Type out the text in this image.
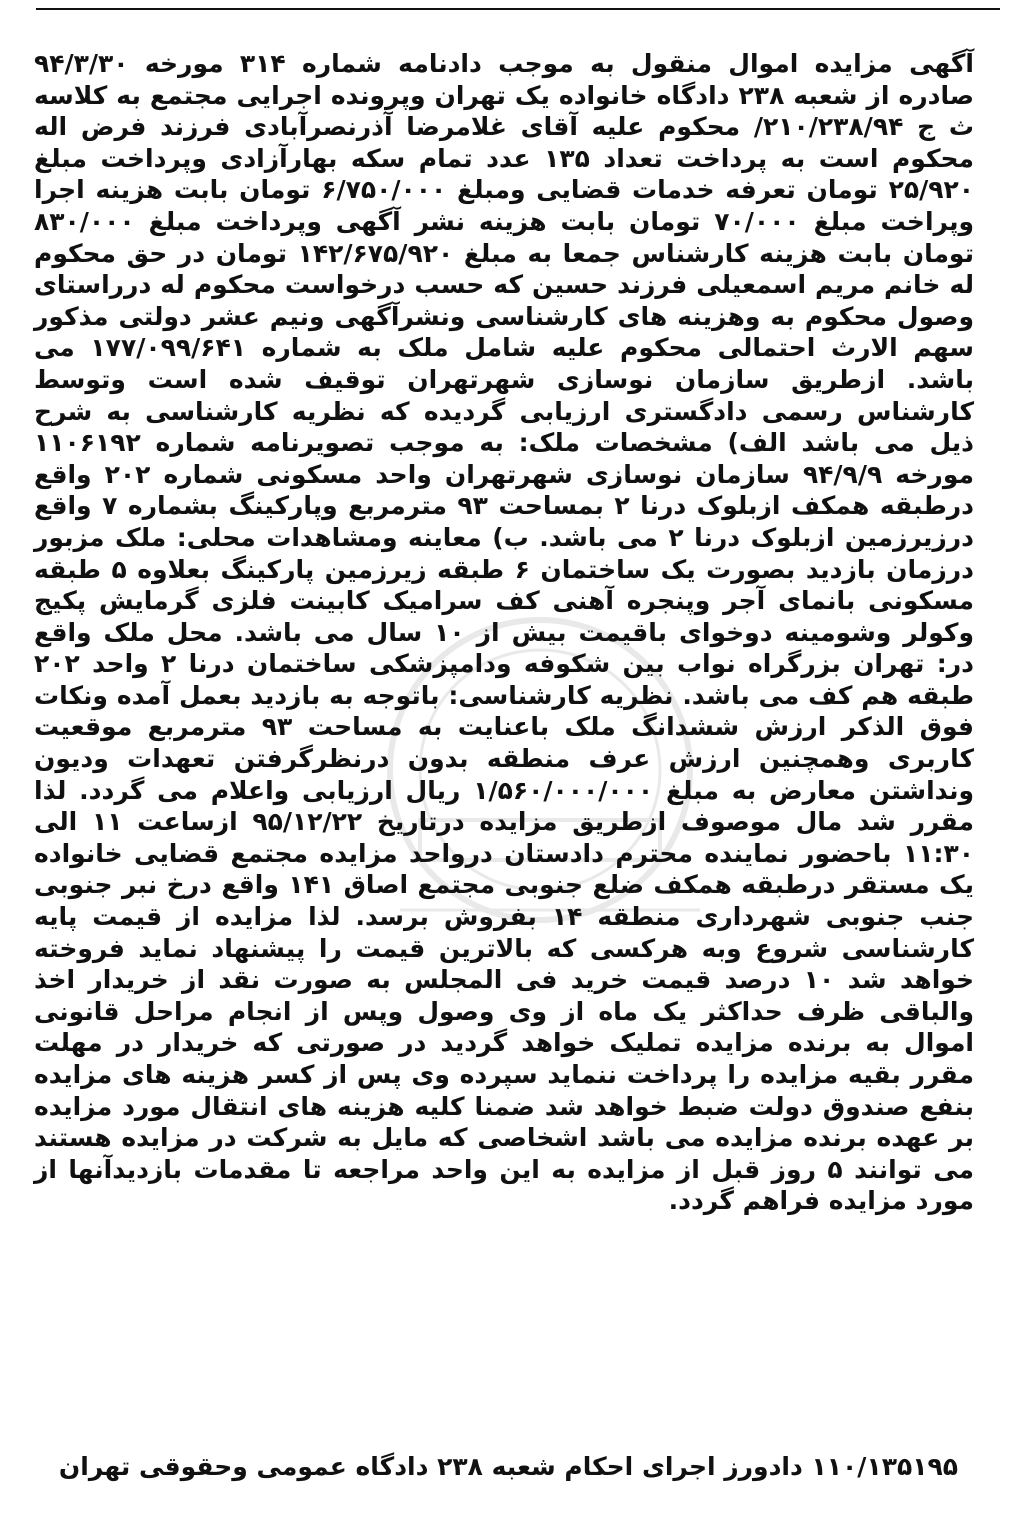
آگهی مزایده اموال منقول به موجب دادنامه شماره ۳۱۴ مورخه ۹۴/۳/۳۰ صادره از شعبه ۲۳۸ دادگاه خانواده یک تهران وپرونده اجرایی مجتمع به کلاسه ث ج ۲۱۰/۲۳۸/۹۴/ محکوم علیه آقای غلامرضا آذرنصرآبادی فرزند فرض اله محکوم است به پرداخت تعداد ۱۳۵ عدد تمام سکه بهارآزادی وپرداخت مبلغ ۲۵/۹۲۰ تومان تعرفه خدمات قضایی ومبلغ ۶/۷۵۰/۰۰۰ تومان بابت هزینه اجرا وپراخت مبلغ ۷۰/۰۰۰ تومان بابت هزینه نشر آگهی وپرداخت مبلغ ۸۳۰/۰۰۰ تومان بابت هزینه کارشناس جمعا به مبلغ ۱۴۲/۶۷۵/۹۲۰ تومان در حق محکوم له خانم مریم اسمعیلی فرزند حسین که حسب درخواست محکوم له درراستای وصول محکوم به وهزینه های کارشناسی ونشرآگهی ونیم عشر دولتی مذکور سهم الارث احتمالی محکوم علیه شامل ملک به شماره ۱۷۷/۰۹۹/۶۴۱ می باشد. ازطریق سازمان نوسازی شهرتهران توقیف شده است وتوسط کارشناس رسمی دادگستری ارزیابی گردیده که نظریه کارشناسی به شرح ذیل می باشد الف) مشخصات ملک: به موجب تصویرنامه شماره ۱۱۰۶۱۹۲ مورخه ۹۴/۹/۹ سازمان نوسازی شهرتهران واحد مسکونی شماره ۲۰۲ واقع درطبقه همکف ازبلوک درنا ۲ بمساحت ۹۳ مترمربع وپارکینگ بشماره ۷ واقع درزیرزمین ازبلوک درنا ۲ می باشد. ب) معاینه ومشاهدات محلی: ملک مزبور درزمان بازدید بصورت یک ساختمان ۶ طبقه زیرزمین پارکینگ بعلاوه ۵ طبقه مسکونی بانمای آجر وپنجره آهنی کف سرامیک کابینت فلزی گرمایش پکیج وکولر وشومینه دوخوای باقیمت بیش از ۱۰ سال می باشد. محل ملک واقع در: تهران بزرگراه نواب بین شکوفه ودامپزشکی ساختمان درنا ۲ واحد ۲۰۲ طبقه هم کف می باشد. نظریه کارشناسی: باتوجه به بازدید بعمل آمده ونکات فوق الذکر ارزش ششدانگ ملک باعنایت به مساحت ۹۳ مترمربع موقعیت کاربری وهمچنین ارزش عرف منطقه بدون درنظرگرفتن تعهدات ودیون ونداشتن معارض به مبلغ ۱/۵۶۰/۰۰۰/۰۰۰ ریال ارزیابی واعلام می گردد. لذا مقرر شد مال موصوف ازطریق مزایده درتاریخ ۹۵/۱۲/۲۲ ازساعت ۱۱ الی ۱۱:۳۰ باحضور نماینده محترم دادستان درواحد مزایده مجتمع قضایی خانواده یک مستقر درطبقه همکف ضلع جنوبی مجتمع اصاق ۱۴۱ واقع درخ نبر جنوبی جنب جنوبی شهرداری منطقه ۱۴ بفروش برسد. لذا مزایده از قیمت پایه کارشناسی شروع وبه هرکسی که بالاترین قیمت را پیشنهاد نماید فروخته خواهد شد ۱۰ درصد قیمت خرید فی المجلس به صورت نقد از خریدار اخذ والباقی ظرف حداکثر یک ماه از وی وصول وپس از انجام مراحل قانونی اموال به برنده مزایده تملیک خواهد گردید در صورتی که خریدار در مهلت مقرر بقیه مزایده را پرداخت ننماید سپرده وی پس از کسر هزینه های مزایده بنفع صندوق دولت ضبط خواهد شد ضمنا کلیه هزینه های انتقال مورد مزایده بر عهده برنده مزایده می باشد اشخاصی که مایل به شرکت در مزایده هستند می توانند ۵ روز قبل از مزایده به این واحد مراجعه تا مقدمات بازدیدآنها از مورد مزایده فراهم گردد.

۱۱۰/۱۳۵۱۹۵ دادورز اجرای احکام شعبه ۲۳۸ دادگاه عمومی وحقوقی تهران
